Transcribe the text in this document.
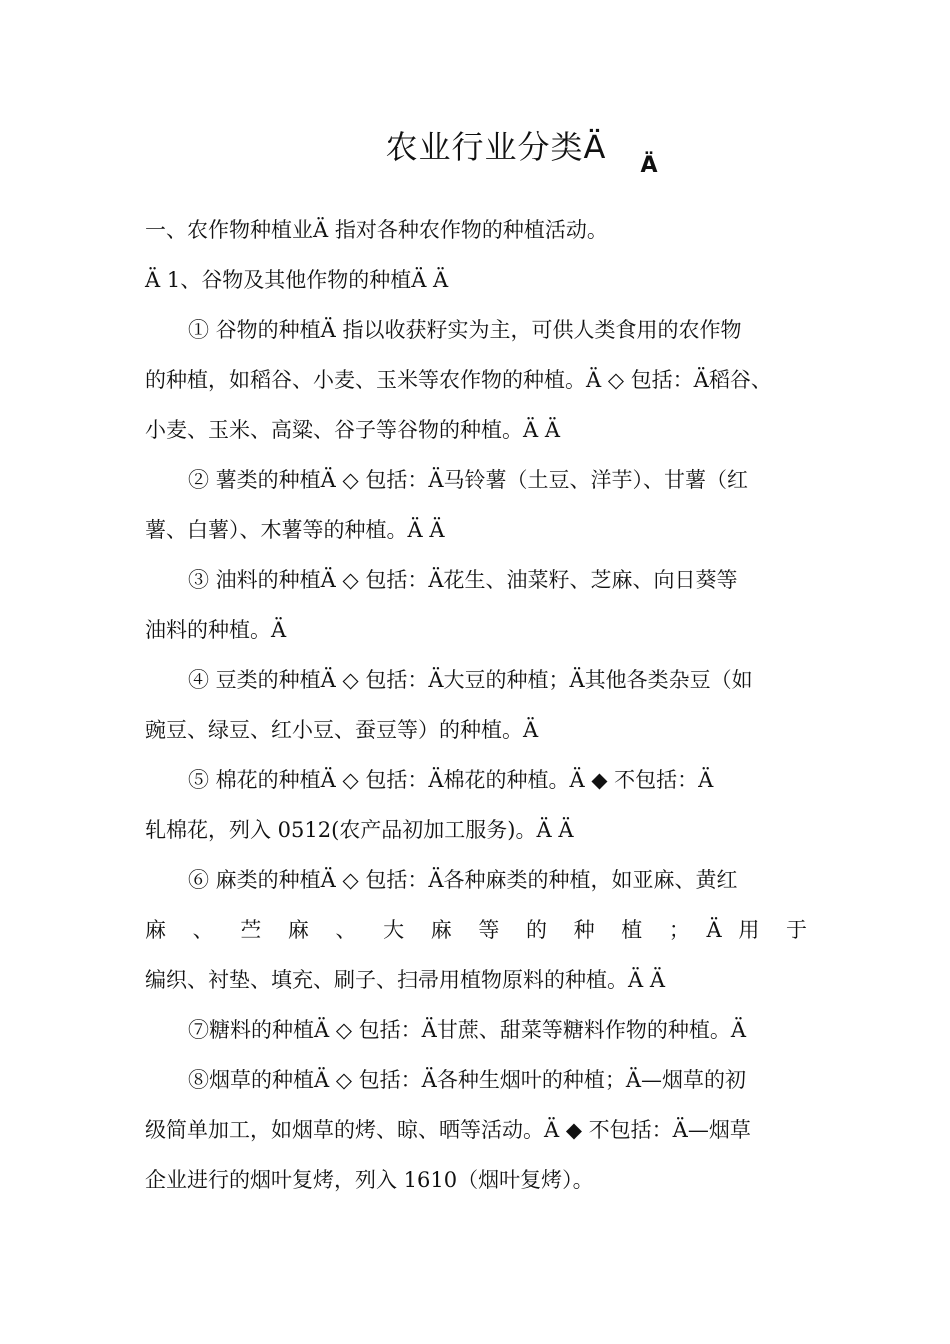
农业行业分类Ä $_Ä$
一、农作物种植业Ä 指对各种农作物的种植活动。
Ä 1、谷物及其他作物的种植Ä Ä
① 谷物的种植Ä 指以收获籽实为主，可供人类食用的农作物
的种植，如稻谷、小麦、玉米等农作物的种植。Ä ◇ 包括：Ä稻谷、
小麦、玉米、高粱、谷子等谷物的种植。Ä Ä
② 薯类的种植Ä ◇ 包括：Ä马铃薯（土豆、洋芋）、甘薯（红
薯、白薯）、木薯等的种植。Ä Ä
③ 油料的种植Ä ◇ 包括：Ä花生、油菜籽、芝麻、向日葵等
油料的种植。Ä
④ 豆类的种植Ä ◇ 包括：Ä大豆的种植；Ä其他各类杂豆（如
豌豆、绿豆、红小豆、蚕豆等）的种植。Ä
⑤ 棉花的种植Ä ◇ 包括：Ä棉花的种植。Ä ◆ 不包括：Ä
轧棉花，列入 0512(农产品初加工服务)。Ä Ä
⑥ 麻类的种植Ä ◇ 包括：Ä各种麻类的种植，如亚麻、黄红
麻 、 苎 麻 、 大 麻 等 的 种 植 ； Ä 用 于
编织、衬垫、填充、刷子、扫帚用植物原料的种植。Ä Ä
⑦糖料的种植Ä ◇ 包括：Ä甘蔗、甜菜等糖料作物的种植。Ä
⑧烟草的种植Ä ◇ 包括：Ä各种生烟叶的种植；Ä—烟草的初
级简单加工，如烟草的烤、晾、晒等活动。Ä ◆ 不包括：Ä—烟草
企业进行的烟叶复烤，列入 1610（烟叶复烤）。
